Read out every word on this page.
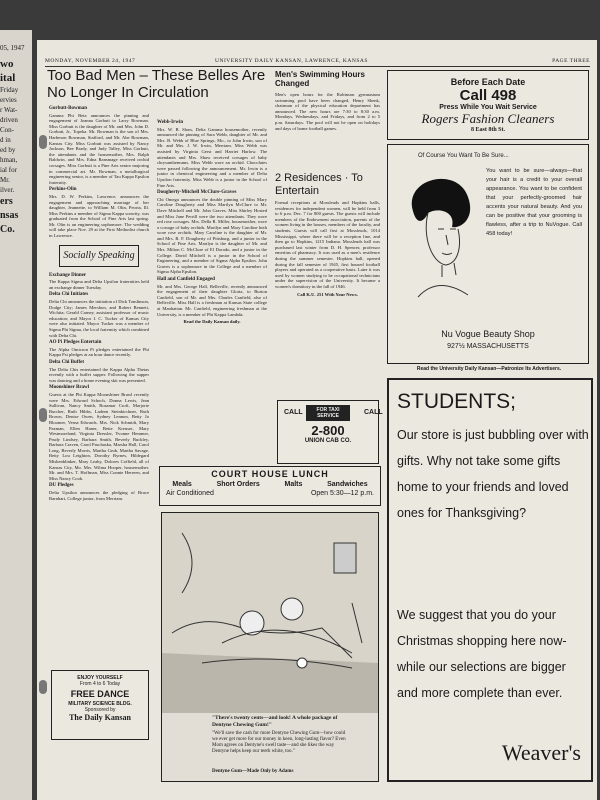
05, 1947
wo
ital
Friday
ervies
r Wat-
driven
Con-
d in
ed by
hman,
ial for
Mr.
ilver.
ers
nsas
Co.
MONDAY, NOVEMBER 24, 1947	UNIVERSITY DAILY KANSAN, LAWRENCE, KANSAS	PAGE THREE
Too Bad Men – These Belles Are No Longer In Circulation
Gorbutt-Bowman

Gamma Phi Beta announces the pinning and engagement of Joanna Gorbutt to Larry Bowman. Miss Gorbutt is the daughter of Mr. and Mrs. John D. Gorbutt, Jr., Topeka. Mr. Bowman is the son of Mrs. Harbeson Bowman, Stafford, and Mr. Abe Bowman, Kansas City. Miss Gorbutt was assisted by Nancy Jackson, Bee Brady, and Judy Talley, Miss Gorbutt, the attendants and the housemother, Mrs. Ralph Baldwin, and Mrs. Edna Ransmage received orchid corsages. Miss Gorbutt is a Pine Arts senior majoring in commercial art. Mr. Bowman, a metallurgical engineering senior, is a member of Tau Kappa Epsilon fraternity.

Perkins-Olin

Mrs. D. W. Perkins, Lawrence, announces the engagement and approaching marriage of her daughter, Jeannette, to William M. Olin, Peoria, Ill. Miss Perkins a member of Sigma Kappa sorority, was graduated from the School of Fine Arts last spring. Mr. Olin is an engineering sophomore. The wedding will take place Nov. 29 at the First Methodist church in Lawrence.

Socially Speaking
Exchange Dinner

The Kappa Sigma and Delta Upsilon fraternities held an exchange dinner Tuesday.

Delta Chi Initiates

Delta Chi announces the initiation of Dick Tomlinson, Dodge City; James Mershon, and Robert Bennett, Wichita; Gerald Carney, assistant professor of music education; and Mayor I. C. Tucker of Kansas City were also initiated. Mayor Tucker was a member of Sigma Phi Sigma, the local fraternity which combined with Delta Chi.

AO Pi Pledges Entertain

The Alpha Omicron Pi pledges entertained the Phi Kappa Psi pledges at an hour dance recently.

Delta Chi Buffet

The Delta Chis entertained the Kappa Alpha Thetas recently with a buffet supper. Following the supper was dancing and a home evening skit was presented.

Moonshiner Brawl

Guests at the Phi Kappa Moonshiner Brawl recently were Mrs. Edward Schoch, Donna Lewis, Jean Sullivan, Nancy Smith, Rosamar Croft, Marjorie Burcher, Ruth Hibbs, Ladeen Steinkirchner, Ruth Brown, Denise Owen, Sydney Lennon, Betty Jo Bloomer, Verna Edwards. Mrs. Nick Schmidt, Mary Pazman, Ellen Haner, Bette Kreuser, Mary Westmoreland, Virginia Dressler, Yvonne Hemmer, Prudy Lindsey, Barbara Smith, Beverly Buckley, Barbara Craven, Carol Pruchaska, Marsha Hall, Carol Long, Beverly Morris, Martha Grub, Martha Savage, Betty Lou Leighton, Dorothy Byrnes, Hildegard Mishenblinker, Mary Leahy, Dolores Coffield, all of Kansas City, Mo. Mrs. Wilma Hooper, housemother. Mr. and Mrs. T. Hoffman, Miss Connie Herreen, and Miss Nancy Cook.

DU Pledges

Delta Upsilon announces the pledging of Bruce Barnhart, College junior, from Merriam.

ENJOY YOURSELF
From 4 to 6 Today
FREE DANCE
MILITARY SCIENCE BLDG.
Sponsored by
The Daily Kansan
Webb-Irwin

Mrs. W. B. Shaw, Delta Gamma housemother, recently announced the pinning of Sara Webb, daughter of Mr. and Mrs. B. Webb of Blue Springs, Mo., to John Irwin, son of Mr. and Mrs. J. W. Irwin, Merriam. Miss Webb was assisted by Virginia Gerst and Harriet Harlow. The attendants and Mrs. Shaw received corsages of baby chrysanthemums. Miss Webb wore an orchid. Chocolates were passed following the announcement. Mr. Irwin is a junior in chemical engineering and a member of Delta Upsilon fraternity. Miss Webb is a junior in the School of Fine Arts.

Dougherty-Mitchell McClure-Graves

Chi Omega announces the double pinning of Miss Mary Caroline Dougherty and Miss Marilyn McClure to Mr. Dave Mitchell and Mr. John Graves. Miss Shirley Hosted and Miss Jane Perrill were the two attendants. They wore red rose corsages. Mrs. Della R. Miller, housemother, wore a corsage of baby orchids. Marilyn and Mary Caroline both wore rose orchids. Mary Caroline is the daughter of Mr. and Mrs. R. F. Dougherty of Pittsburg, and a junior in the School of Fine Arts. Marilyn is the daughter of Mr. and Mrs. Milton C. McClure of El Dorado, and a junior in the College. David Mitchell is a junior in the School of Engineering, and a member of Sigma Alpha Epsilon. John Graves is a sophomore in the College and a member of Sigma Alpha Epsilon.

Hall and Canfield Engaged

Mr. and Mrs. George Hall, Belleville, recently announced the engagement of their daughter Gloria, to Burton Canfield, son of Mr. and Mrs. Charles Canfield, also of Belleville. Miss Hall is a freshman at Kansas State college at Manhattan. Mr. Canfield, engineering freshman at the University, is a member of Phi Kappa Lambda.

Read the Daily Kansan daily.

Men's Swimming Hours Changed

Men's open hours for the Robinson gymnasium swimming pool have been changed, Henry Shenk, chairman of the physical education department has announced. The new hours are 7:30 to 8:30 a.m. Mondays, Wednesdays, and Fridays, and from 2 to 5 p.m. Saturdays. The pool will not be open on holidays and days of home football games.

2 Residences · To Entertain

Formal receptions at Mossleuds and Hopkins halls, residences for independent women, will be held from 3 to 6 p.m. Dec. 7 for 800 guests. The guests will include members of the Endowment association, parents of the women living in the houses, members of the faculty, and students. Guests will call first at Mossleuds, 1014 Mississippi, where there will be a reception line, and then go to Hopkins, 1215 Indiana. Mossleuds hall was purchased last winter from D. H. Spencer, professor emeritus of pharmacy. It was used as a men's residence during the summer semester. Hopkins hall, opened during the fall semester of 1945, first housed football players and operated as a cooperative basis. Later it was used by women studying to be occupational technicians under the supervision of the University. It became a women's dormitory in the fall of 1946.

Call K.U. 251 With Your News.

CALL	CALL
FOR TAXI SERVICE
2-800
UNION CAB CO.
Before Each Date
Call 498
Press While You Wait Service
Rogers Fashion Cleaners
8 East 8th St.
Of Course You Want To Be Sure...
You want to be sure—always—that your hair is a credit to your overall appearance. You want to be confident that your perfectly-groomed hair accents your natural beauty. And you can be positive that your grooming is flawless, after a trip to NuVogue. Call 458 today!
Nu Vogue Beauty Shop
927½ MASSACHUSETTS
Read the University Daily Kansan—Patronize Its Advertisers.
COURT HOUSE LUNCH
Meals	Short Orders	Malts	Sandwiches
Air Conditioned	Open 5:30—12 p.m.
"There's twenty cents—and look! A whole package of Dentyne Chewing Gum!"
"We'll save the cash for more Dentyne Chewing Gum—how could we ever get more for our money in keen, long-lasting flavor? Even Mom agrees on Dentyne's swell taste—and she likes the way Dentyne helps keep our teeth white, too."
Dentyne Gum—Made Only by Adams
STUDENTS;
Our store is just bubbling over with gifts. Why not take some gifts home to your friends and loved ones for Thanksgiving?
We suggest that you do your Christmas shopping here now-while our selections are bigger and more complete than ever.
Weaver's
